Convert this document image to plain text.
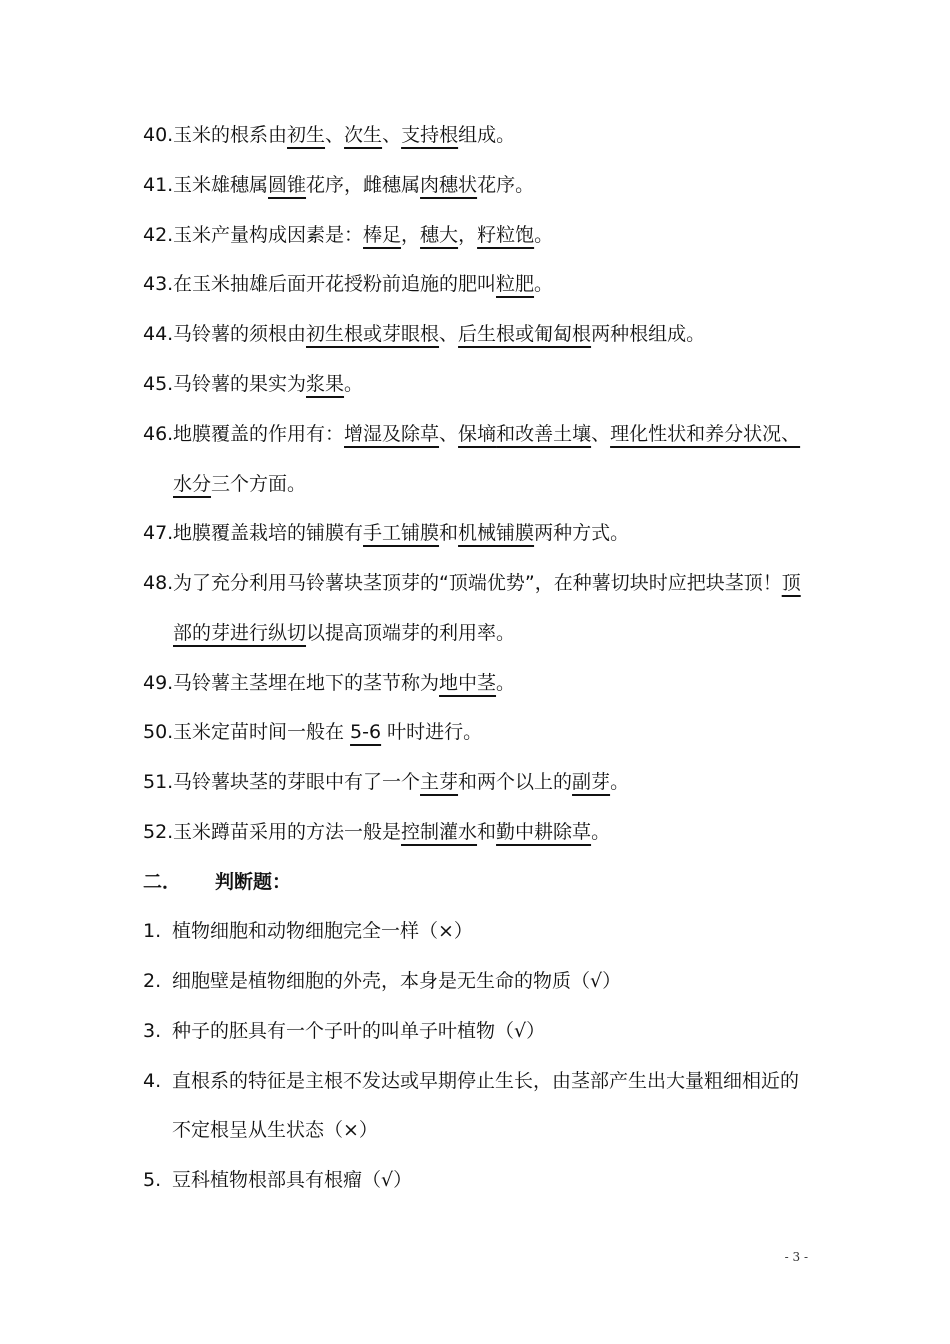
40. 玉米的根系由初生、次生、支持根组成。
41. 玉米雄穗属圆锥花序，雌穗属肉穗状花序。
42. 玉米产量构成因素是：棒足，穗大，籽粒饱。
43. 在玉米抽雄后面开花授粉前追施的肥叫粒肥。
44. 马铃薯的须根由初生根或芽眼根、后生根或匍匐根两种根组成。
45. 马铃薯的果实为浆果。
46. 地膜覆盖的作用有：增湿及除草、保墒和改善土壤、理化性状和养分状况、
水分三个方面。
47. 地膜覆盖栽培的铺膜有手工铺膜和机械铺膜两种方式。
48. 为了充分利用马铃薯块茎顶芽的“顶端优势”，在种薯切块时应把块茎顶！顶
部的芽进行纵切以提高顶端芽的利用率。
49. 马铃薯主茎埋在地下的茎节称为地中茎。
50. 玉米定苗时间一般在 5-6 叶时进行。
51. 马铃薯块茎的芽眼中有了一个主芽和两个以上的副芽。
52. 玉米蹲苗采用的方法一般是控制灌水和勤中耕除草。
二． 判断题：
1. 植物细胞和动物细胞完全一样（×）
2. 细胞壁是植物细胞的外壳，本身是无生命的物质（√）
3. 种子的胚具有一个子叶的叫单子叶植物（√）
4. 直根系的特征是主根不发达或早期停止生长，由茎部产生出大量粗细相近的
不定根呈从生状态（×）
5. 豆科植物根部具有根瘤（√）
- 3 -
